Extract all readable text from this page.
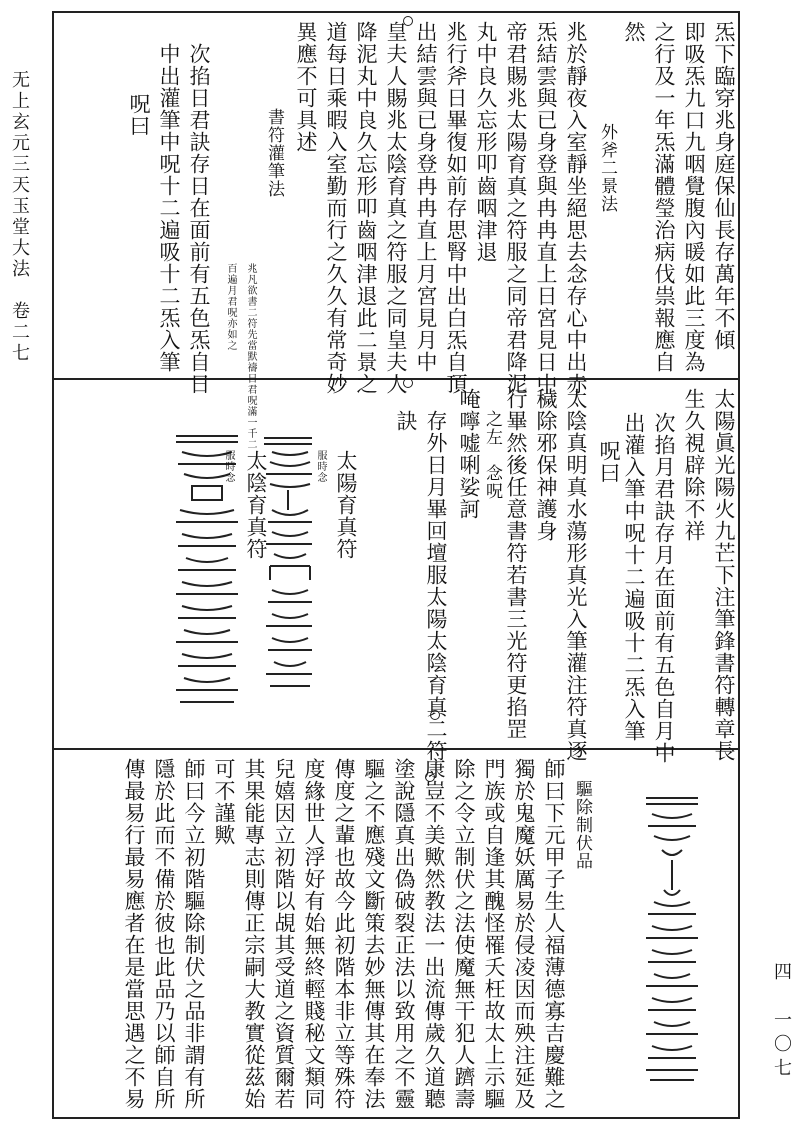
无上玄元三天玉堂大法　卷二七
四　一〇七
炁下臨穿兆身庭保仙長存萬年不傾
即吸炁九口九咽覺腹內暖如此三度為
之行及一年炁滿體瑩治病伐祟報應自
然
外斧二景法
兆於靜夜入室靜坐絕思去念存心中出赤
炁結雲與已身登與冉冉直上日宮見日中
帝君賜兆太陽育真之符服之同帝君降泥
丸中良久忘形叩齒咽津退
兆行斧日畢復如前存思腎中出白炁自頂
出結雲與已身登冉冉直上月宮見月中
皇夫人賜兆太陰育真之符服之同皇夫人
降泥丸中良久忘形叩齒咽津退此二景之
道每日乘暇入室勤而行之久久有常奇妙
異應不可具述
書符灌筆法
兆凡欲書二符先當默禱日君呪滿一千二
百遍月君呪亦如之
次掐日君訣存日在面前有五色炁自日
中出灌筆中呪十二遍吸十二炁入筆
呪曰
太陽眞光陽火九芒下注筆鋒書符轉章長
生久視辟除不祥
次掐月君訣存月在面前有五色自月中
出灌入筆中呪十二遍吸十二炁入筆
呪曰
太陰真明真水蕩形真光入筆灌注符真逐
穢除邪保神護身
行畢然後任意書符若書三光符更掐罡
之左　念呪
唵嚀嘘唎娑訶
存外日月畢回壇服太陽太陰育真二符
訣
太陽育真符
服時念
太陰育真符
服時念
驅除制伏品
師曰下元甲子生人福薄德寡吉慶難之
獨於鬼魔妖厲易於侵凌因而殃注延及
門族或自逢其醜怪罹夭枉故太上示驅
除之令立制伏之法使魔無干犯人躋壽
康豈不美歟然教法一出流傳歲久道聽
塗說隱真出偽破裂正法以致用之不靈
驅之不應殘文斷策去妙無傳其在奉法
傳度之輩也故今此初階本非立等殊符
度緣世人浮好有始無終輕賤秘文類同
兒嬉因立初階以覘其受道之資質爾若
其果能專志則傳正宗嗣大教實從茲始
可不謹歟
師曰今立初階驅除制伏之品非謂有所
隱於此而不備於彼也此品乃以師自所
傳最易行最易應者在是當思遇之不易
